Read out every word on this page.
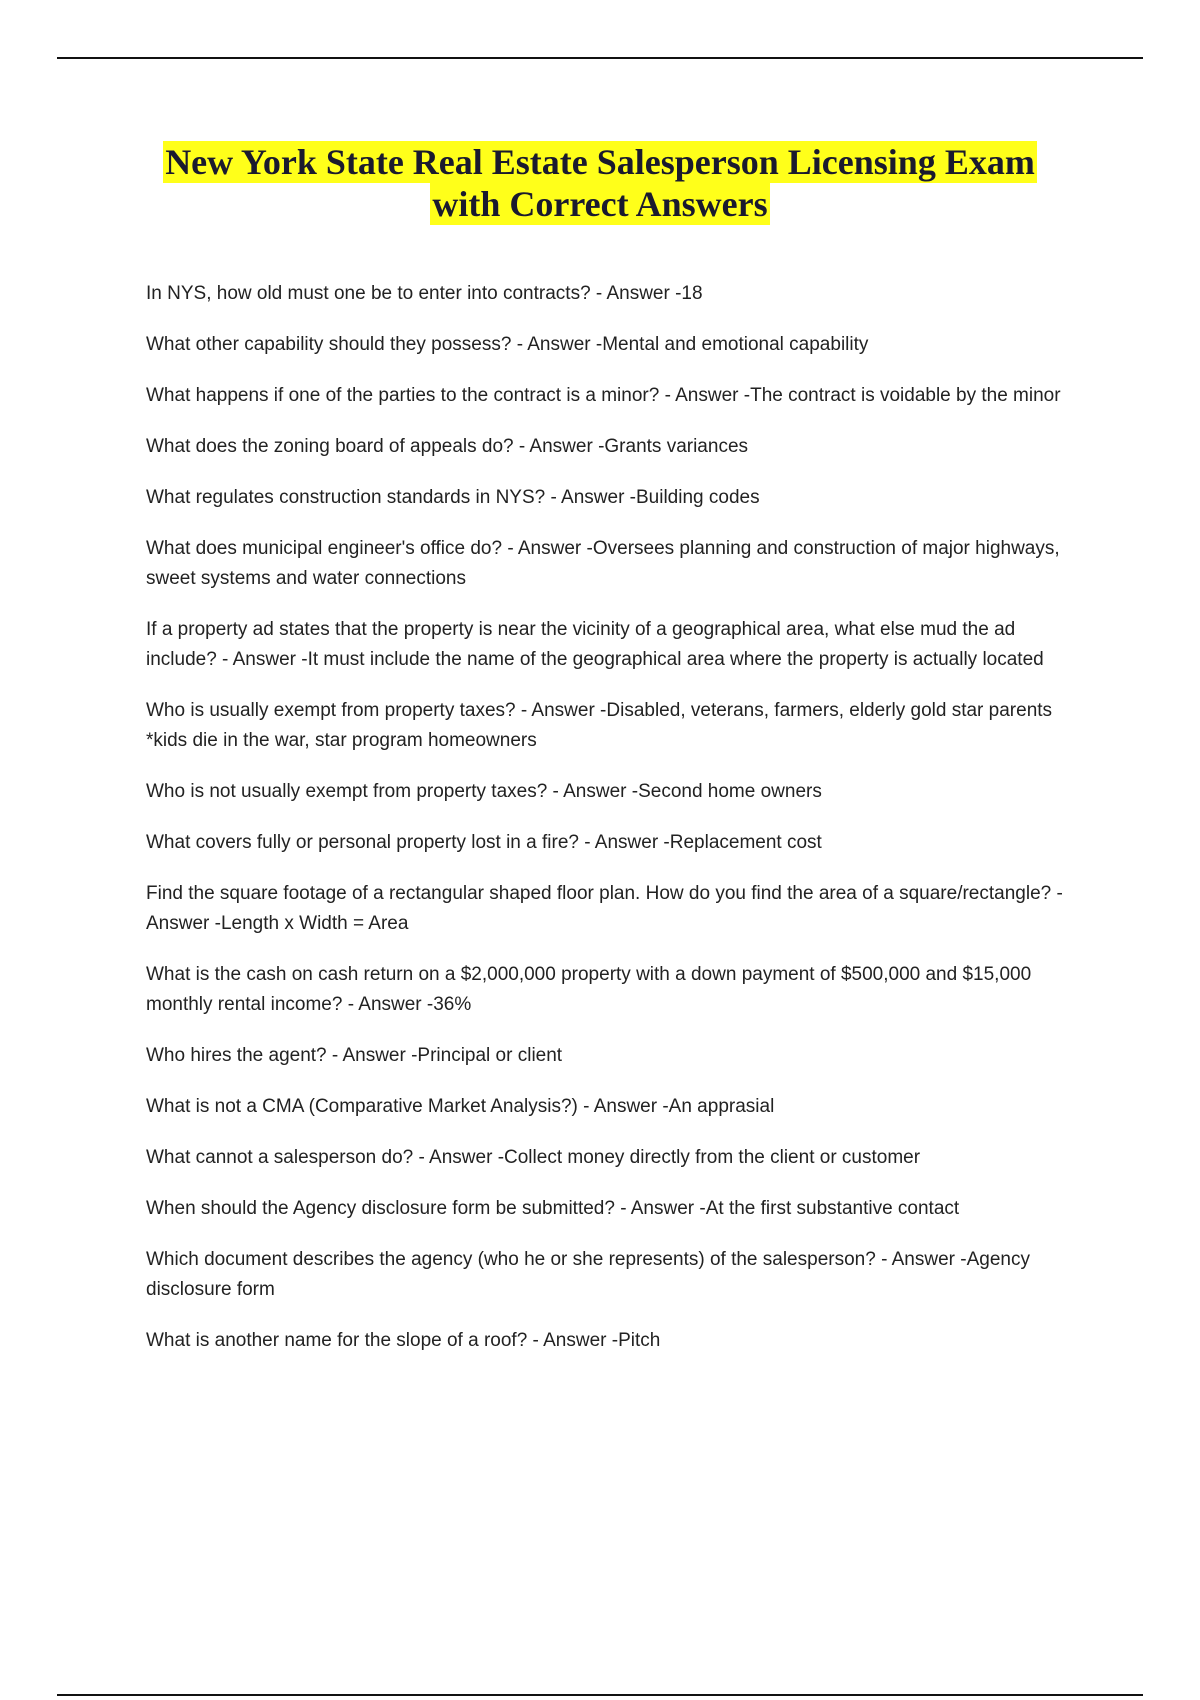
New York State Real Estate Salesperson Licensing Exam
with Correct Answers
In NYS, how old must one be to enter into contracts? - Answer -18
What other capability should they possess? - Answer -Mental and emotional capability
What happens if one of the parties to the contract is a minor? - Answer -The contract is voidable by the minor
What does the zoning board of appeals do? - Answer -Grants variances
What regulates construction standards in NYS? - Answer -Building codes
What does municipal engineer's office do? - Answer -Oversees planning and construction of major highways, sweet systems and water connections
If a property ad states that the property is near the vicinity of a geographical area, what else mud the ad include? - Answer -It must include the name of the geographical area where the property is actually located
Who is usually exempt from property taxes? - Answer -Disabled, veterans, farmers, elderly gold star parents *kids die in the war, star program homeowners
Who is not usually exempt from property taxes? - Answer -Second home owners
What covers fully or personal property lost in a fire? - Answer -Replacement cost
Find the square footage of a rectangular shaped floor plan. How do you find the area of a square/rectangle? - Answer -Length x Width = Area
What is the cash on cash return on a $2,000,000 property with a down payment of $500,000 and $15,000 monthly rental income? - Answer -36%
Who hires the agent? - Answer -Principal or client
What is not a CMA (Comparative Market Analysis?) - Answer -An apprasial
What cannot a salesperson do? - Answer -Collect money directly from the client or customer
When should the Agency disclosure form be submitted? - Answer -At the first substantive contact
Which document describes the agency (who he or she represents) of the salesperson? - Answer -Agency disclosure form
What is another name for the slope of a roof? - Answer -Pitch
